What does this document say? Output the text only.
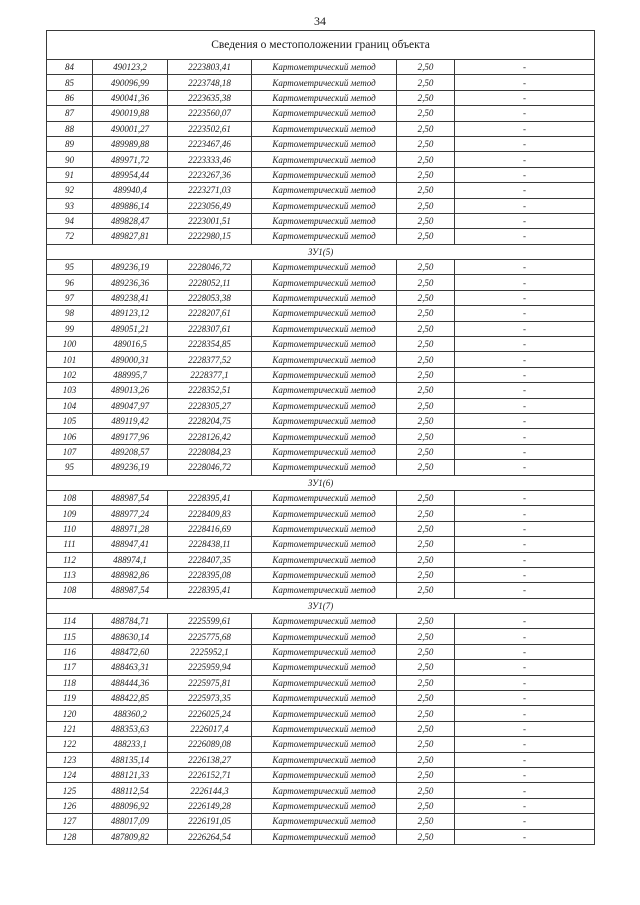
34
Сведения о местоположении границ объекта					
84	490123,2	2223803,41	Картометрический метод	2,50	-
85	490096,99	2223748,18	Картометрический метод	2,50	-
86	490041,36	2223635,38	Картометрический метод	2,50	-
87	490019,88	2223560,07	Картометрический метод	2,50	-
88	490001,27	2223502,61	Картометрический метод	2,50	-
89	489989,88	2223467,46	Картометрический метод	2,50	-
90	489971,72	2223333,46	Картометрический метод	2,50	-
91	489954,44	2223267,36	Картометрический метод	2,50	-
92	489940,4	2223271,03	Картометрический метод	2,50	-
93	489886,14	2223056,49	Картометрический метод	2,50	-
94	489828,47	2223001,51	Картометрический метод	2,50	-
72	489827,81	2222980,15	Картометрический метод	2,50	-
ЗУ1(5)					
95	489236,19	2228046,72	Картометрический метод	2,50	-
96	489236,36	2228052,11	Картометрический метод	2,50	-
97	489238,41	2228053,38	Картометрический метод	2,50	-
98	489123,12	2228207,61	Картометрический метод	2,50	-
99	489051,21	2228307,61	Картометрический метод	2,50	-
100	489016,5	2228354,85	Картометрический метод	2,50	-
101	489000,31	2228377,52	Картометрический метод	2,50	-
102	488995,7	2228377,1	Картометрический метод	2,50	-
103	489013,26	2228352,51	Картометрический метод	2,50	-
104	489047,97	2228305,27	Картометрический метод	2,50	-
105	489119,42	2228204,75	Картометрический метод	2,50	-
106	489177,96	2228126,42	Картометрический метод	2,50	-
107	489208,57	2228084,23	Картометрический метод	2,50	-
95	489236,19	2228046,72	Картометрический метод	2,50	-
ЗУ1(6)					
108	488987,54	2228395,41	Картометрический метод	2,50	-
109	488977,24	2228409,83	Картометрический метод	2,50	-
110	488971,28	2228416,69	Картометрический метод	2,50	-
111	488947,41	2228438,11	Картометрический метод	2,50	-
112	488974,1	2228407,35	Картометрический метод	2,50	-
113	488982,86	2228395,08	Картометрический метод	2,50	-
108	488987,54	2228395,41	Картометрический метод	2,50	-
ЗУ1(7)					
114	488784,71	2225599,61	Картометрический метод	2,50	-
115	488630,14	2225775,68	Картометрический метод	2,50	-
116	488472,60	2225952,1	Картометрический метод	2,50	-
117	488463,31	2225959,94	Картометрический метод	2,50	-
118	488444,36	2225975,81	Картометрический метод	2,50	-
119	488422,85	2225973,35	Картометрический метод	2,50	-
120	488360,2	2226025,24	Картометрический метод	2,50	-
121	488353,63	2226017,4	Картометрический метод	2,50	-
122	488233,1	2226089,08	Картометрический метод	2,50	-
123	488135,14	2226138,27	Картометрический метод	2,50	-
124	488121,33	2226152,71	Картометрический метод	2,50	-
125	488112,54	2226144,3	Картометрический метод	2,50	-
126	488096,92	2226149,28	Картометрический метод	2,50	-
127	488017,09	2226191,05	Картометрический метод	2,50	-
128	487809,82	2226264,54	Картометрический метод	2,50	-
